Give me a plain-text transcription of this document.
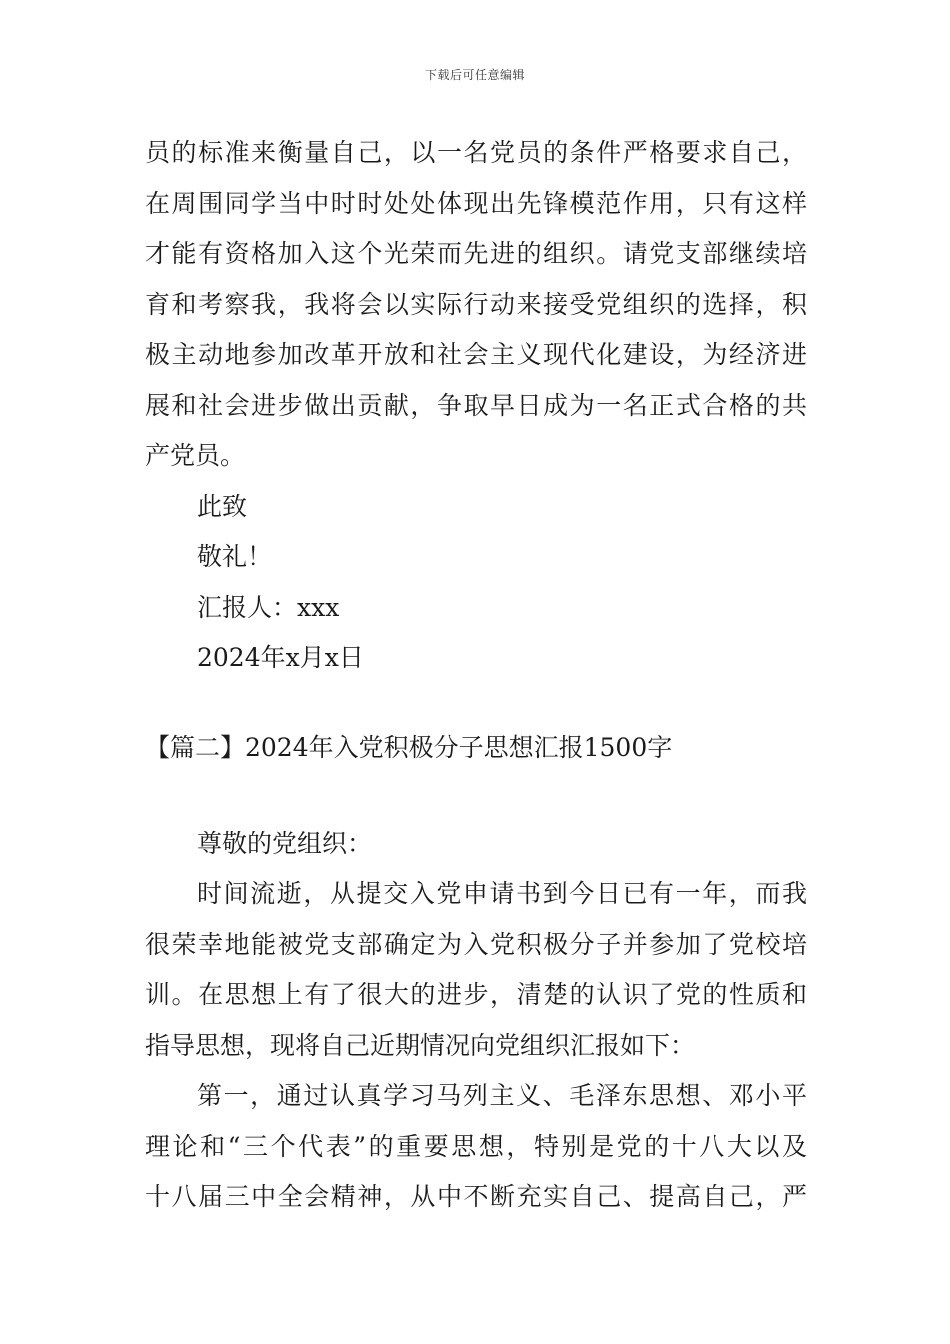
下载后可任意编辑
员的标准来衡量自己，以一名党员的条件严格要求自己，
在周围同学当中时时处处体现出先锋模范作用，只有这样
才能有资格加入这个光荣而先进的组织。请党支部继续培
育和考察我，我将会以实际行动来接受党组织的选择，积
极主动地参加改革开放和社会主义现代化建设，为经济进
展和社会进步做出贡献，争取早日成为一名正式合格的共
产党员。
此致
敬礼！
汇报人：xxx
2024年x月x日
【篇二】2024年入党积极分子思想汇报1500字
尊敬的党组织：
时间流逝，从提交入党申请书到今日已有一年，而我
很荣幸地能被党支部确定为入党积极分子并参加了党校培
训。在思想上有了很大的进步，清楚的认识了党的性质和
指导思想，现将自己近期情况向党组织汇报如下：
第一，通过认真学习马列主义、毛泽东思想、邓小平
理论和“三个代表”的重要思想，特别是党的十八大以及
十八届三中全会精神，从中不断充实自己、提高自己，严
